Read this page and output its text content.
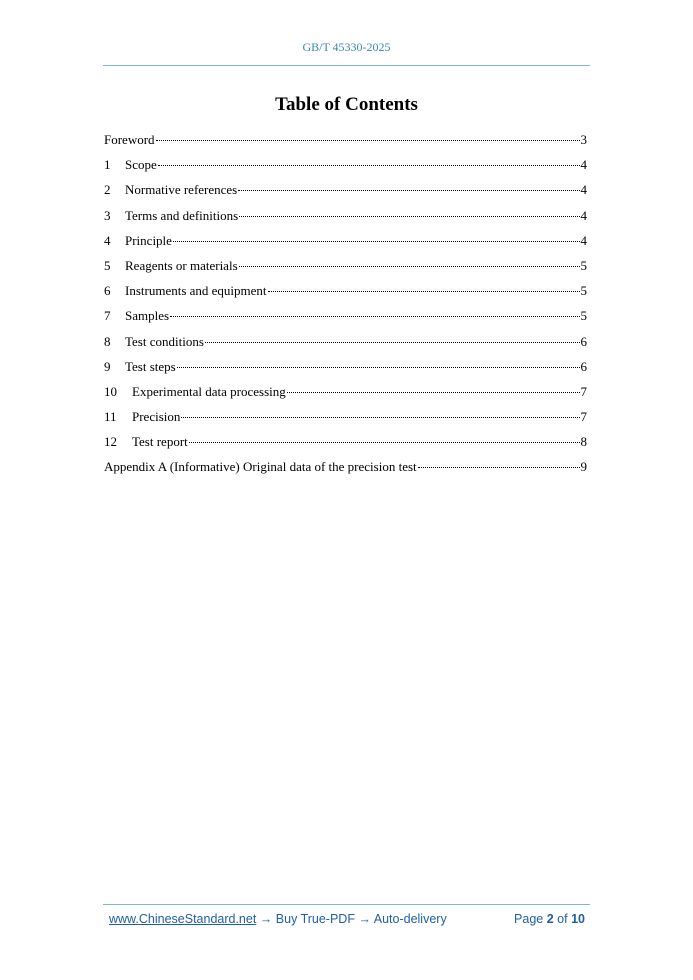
GB/T 45330-2025
Table of Contents
Foreword	3
1	Scope	4
2	Normative references	4
3	Terms and definitions	4
4	Principle	4
5	Reagents or materials	5
6	Instruments and equipment	5
7	Samples	5
8	Test conditions	6
9	Test steps	6
10	Experimental data processing	7
11	Precision	7
12	Test report	8
Appendix A (Informative) Original data of the precision test	9
www.ChineseStandard.net → Buy True-PDF → Auto-delivery	Page 2 of 10
